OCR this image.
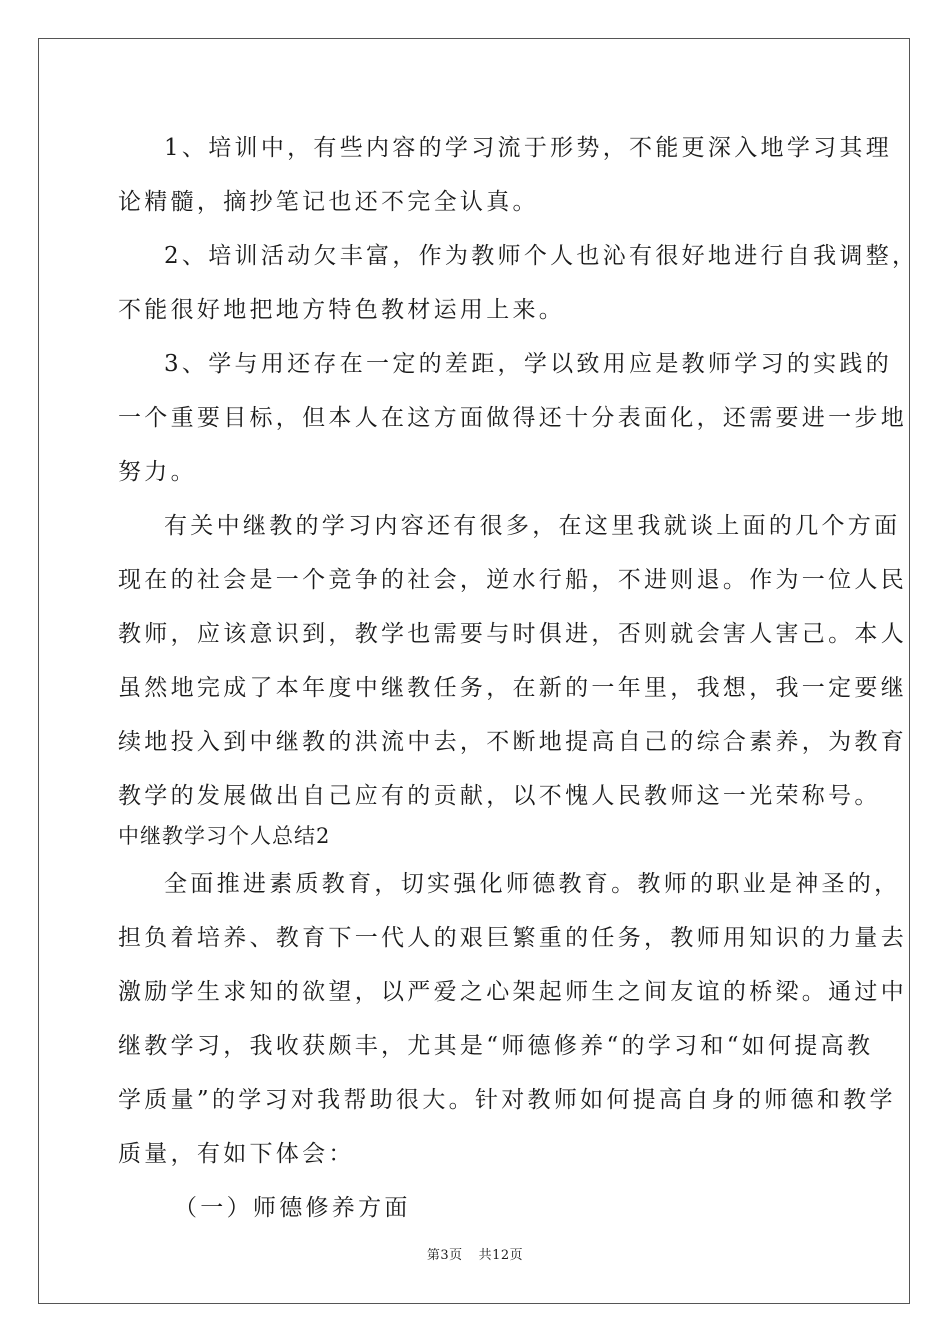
1、培训中，有些内容的学习流于形势，不能更深入地学习其理
论精髓，摘抄笔记也还不完全认真。
2、培训活动欠丰富，作为教师个人也沁有很好地进行自我调整，
不能很好地把地方特色教材运用上来。
3、学与用还存在一定的差距，学以致用应是教师学习的实践的
一个重要目标，但本人在这方面做得还十分表面化，还需要进一步地
努力。
有关中继教的学习内容还有很多，在这里我就谈上面的几个方面
现在的社会是一个竞争的社会，逆水行船，不进则退。作为一位人民
教师，应该意识到，教学也需要与时俱进，否则就会害人害己。本人
虽然地完成了本年度中继教任务，在新的一年里，我想，我一定要继
续地投入到中继教的洪流中去，不断地提高自己的综合素养，为教育
教学的发展做出自己应有的贡献，以不愧人民教师这一光荣称号。
中继教学习个人总结2
全面推进素质教育，切实强化师德教育。教师的职业是神圣的，
担负着培养、教育下一代人的艰巨繁重的任务，教师用知识的力量去
激励学生求知的欲望，以严爱之心架起师生之间友谊的桥梁。通过中
继教学习，我收获颇丰，尤其是“师德修养“的学习和“如何提高教
学质量”的学习对我帮助很大。针对教师如何提高自身的师德和教学
质量，有如下体会：
（一）师德修养方面
第3页 共12页
